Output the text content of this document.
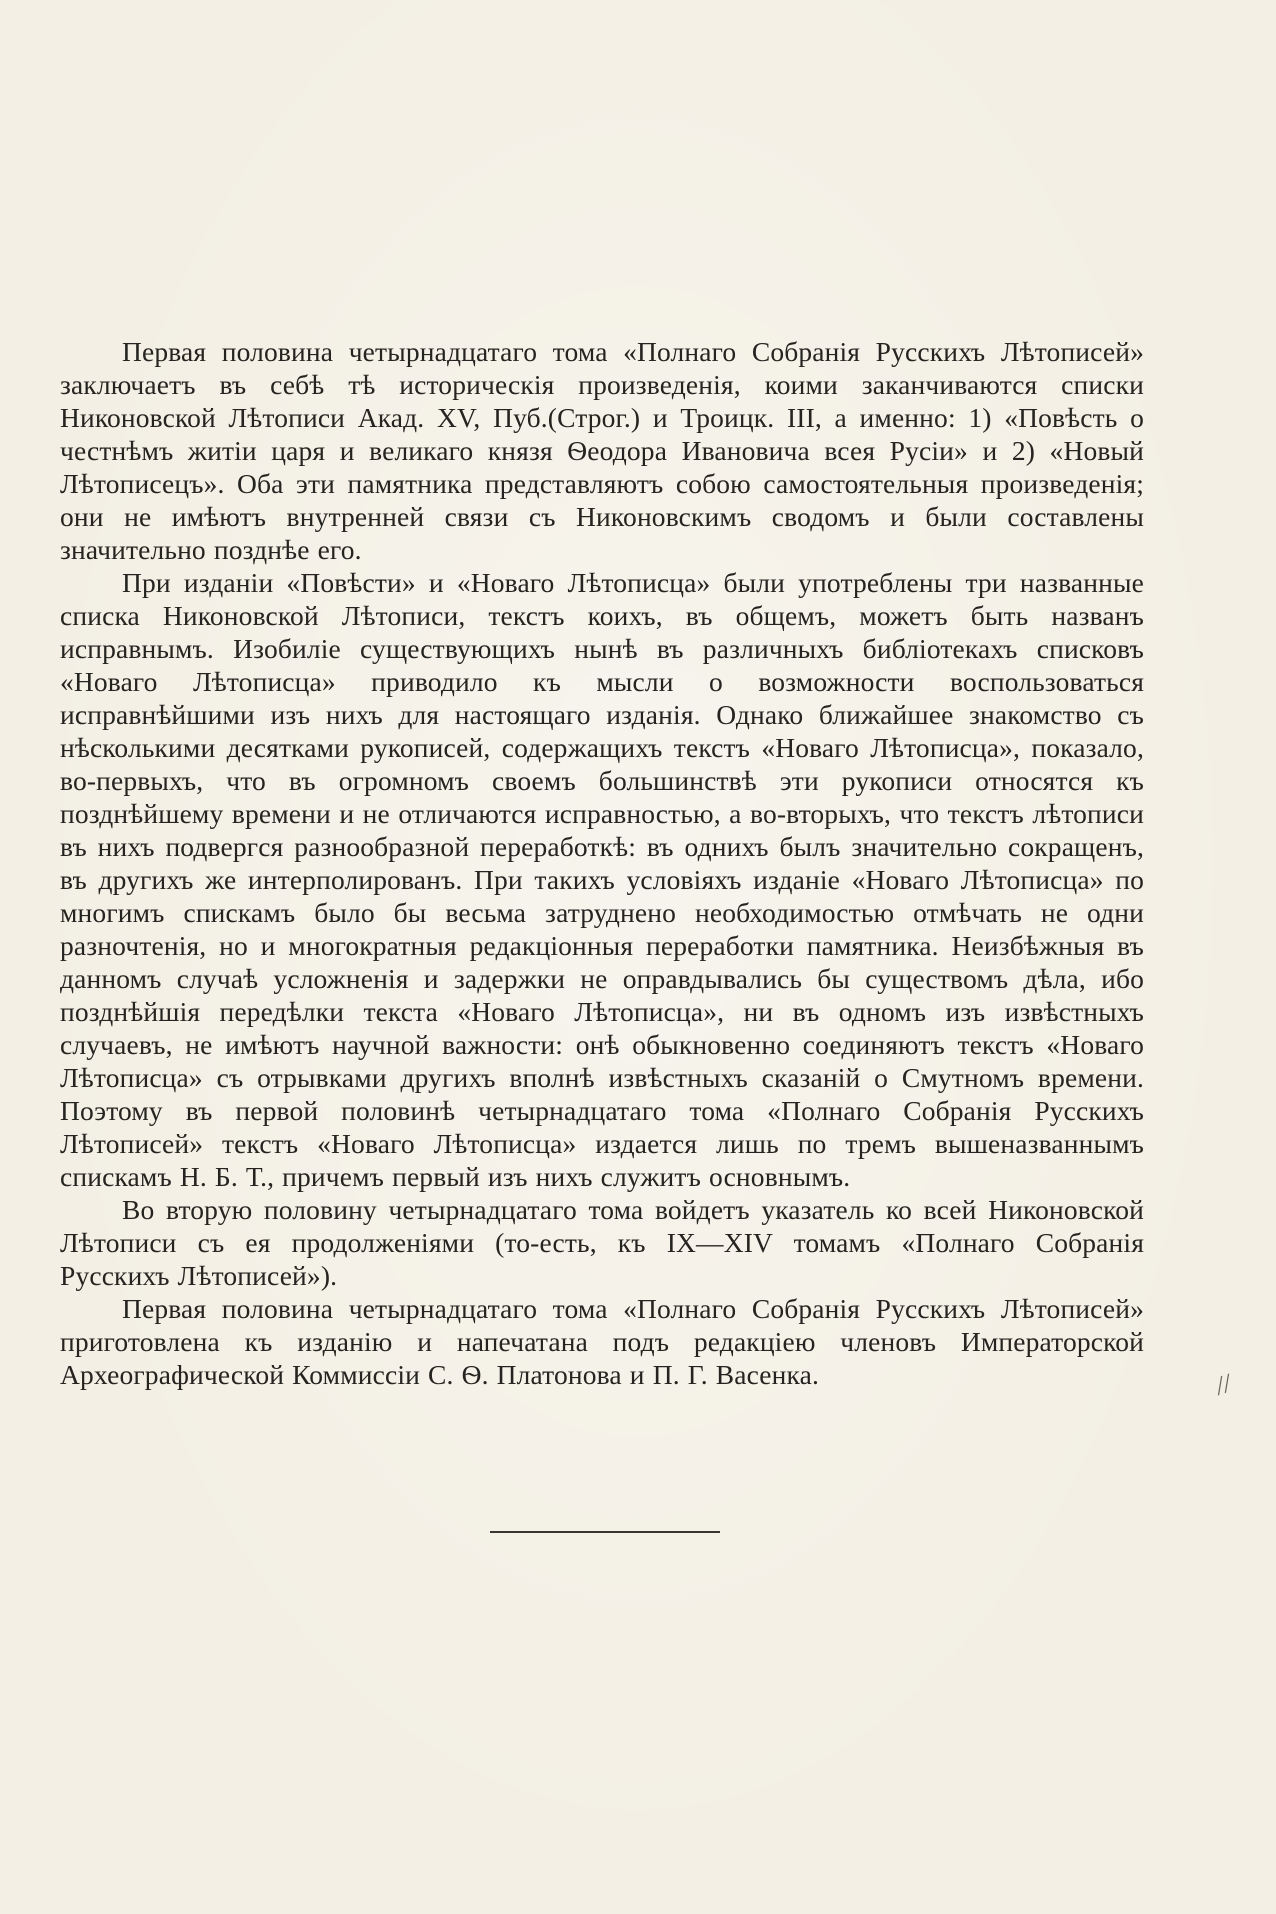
Первая половина четырнадцатаго тома «Полнаго Собранія Русскихъ Лѣтописей» заключаетъ въ себѣ тѣ историческія произведенія, коими заканчиваются списки Никоновской Лѣтописи Акад. XV, Пуб.(Строг.) и Троицк. III, а именно: 1) «Повѣсть о честнѣмъ житіи царя и великаго князя Ѳеодора Ивановича всея Русіи» и 2) «Новый Лѣтописецъ». Оба эти памятника представляютъ собою самостоятельныя произведенія; они не имѣютъ внутренней связи съ Никоновскимъ сводомъ и были составлены значительно позднѣе его.

При изданіи «Повѣсти» и «Новаго Лѣтописца» были употреблены три названные списка Никоновской Лѣтописи, текстъ коихъ, въ общемъ, можетъ быть названъ исправнымъ. Изобиліе существующихъ нынѣ въ различныхъ библіотекахъ списковъ «Новаго Лѣтописца» приводило къ мысли о возможности воспользоваться исправнѣйшими изъ нихъ для настоящаго изданія. Однако ближайшее знакомство съ нѣсколькими десятками рукописей, содержащихъ текстъ «Новаго Лѣтописца», показало, во-первыхъ, что въ огромномъ своемъ большинствѣ эти рукописи относятся къ позднѣйшему времени и не отличаются исправностью, а во-вторыхъ, что текстъ лѣтописи въ нихъ подвергся разнообразной переработкѣ: въ однихъ былъ значительно сокращенъ, въ другихъ же интерполированъ. При такихъ условіяхъ изданіе «Новаго Лѣтописца» по многимъ спискамъ было бы весьма затруднено необходимостью отмѣчать не одни разночтенія, но и многократныя редакціонныя переработки памятника. Неизбѣжныя въ данномъ случаѣ усложненія и задержки не оправдывались бы существомъ дѣла, ибо позднѣйшія передѣлки текста «Новаго Лѣтописца», ни въ одномъ изъ извѣстныхъ случаевъ, не имѣютъ научной важности: онѣ обыкновенно соединяютъ текстъ «Новаго Лѣтописца» съ отрывками другихъ вполнѣ извѣстныхъ сказаній о Смутномъ времени. Поэтому въ первой половинѣ четырнадцатаго тома «Полнаго Собранія Русскихъ Лѣтописей» текстъ «Новаго Лѣтописца» издается лишь по тремъ вышеназваннымъ спискамъ Н. Б. Т., причемъ первый изъ нихъ служитъ основнымъ.

Во вторую половину четырнадцатаго тома войдетъ указатель ко всей Никоновской Лѣтописи съ ея продолженіями (то-есть, къ IX—XIV томамъ «Полнаго Собранія Русскихъ Лѣтописей»).

Первая половина четырнадцатаго тома «Полнаго Собранія Русскихъ Лѣтописей» приготовлена къ изданію и напечатана подъ редакціею членовъ Императорской Археографической Коммиссіи С. Ѳ. Платонова и П. Г. Васенка.	//
